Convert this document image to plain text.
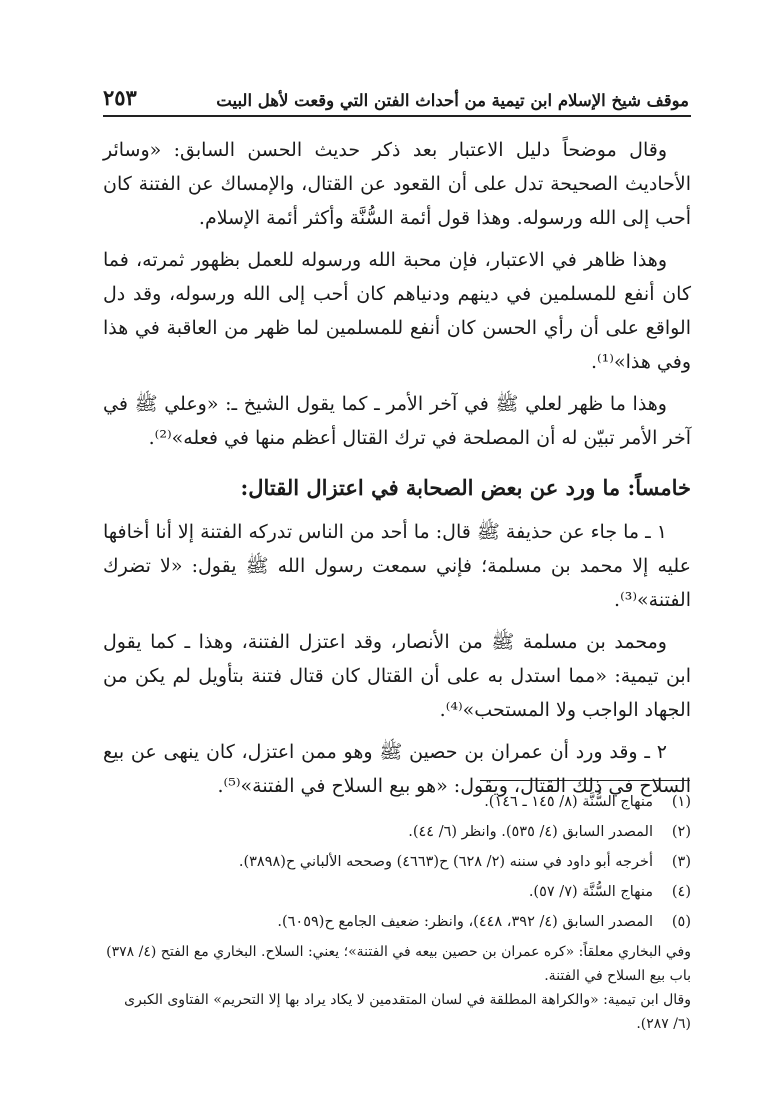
موقف شيخ الإسلام ابن تيمية من أحداث الفتن التي وقعت لأهل البيت
٢٥٣

وقال موضحاً دليل الاعتبار بعد ذكر حديث الحسن السابق: «وسائر الأحاديث الصحيحة تدل على أن القعود عن القتال، والإمساك عن الفتنة كان أحب إلى الله ورسوله. وهذا قول أئمة السُّنَّة وأكثر أئمة الإسلام.

وهذا ظاهر في الاعتبار، فإن محبة الله ورسوله للعمل بظهور ثمرته، فما كان أنفع للمسلمين في دينهم ودنياهم كان أحب إلى الله ورسوله، وقد دل الواقع على أن رأي الحسن كان أنفع للمسلمين لما ظهر من العاقبة في هذا وفي هذا»⁽¹⁾.

وهذا ما ظهر لعلي ﷺ في آخر الأمر ـ كما يقول الشيخ ـ: «وعلي ﷺ في آخر الأمر تبيّن له أن المصلحة في ترك القتال أعظم منها في فعله»⁽²⁾.

خامساً: ما ورد عن بعض الصحابة في اعتزال القتال:

١ ـ ما جاء عن حذيفة ﷺ قال: ما أحد من الناس تدركه الفتنة إلا أنا أخافها عليه إلا محمد بن مسلمة؛ فإني سمعت رسول الله ﷺ يقول: «لا تضرك الفتنة»⁽³⁾.

ومحمد بن مسلمة ﷺ من الأنصار، وقد اعتزل الفتنة، وهذا ـ كما يقول ابن تيمية: «مما استدل به على أن القتال كان قتال فتنة بتأويل لم يكن من الجهاد الواجب ولا المستحب»⁽⁴⁾.

٢ ـ وقد ورد أن عمران بن حصين ﷺ وهو ممن اعتزل، كان ينهى عن بيع السلاح في ذلك القتال، ويقول: «هو بيع السلاح في الفتنة»⁽⁵⁾.

(١)
منهاج السُّنَّة (٨/ ١٤٥ ـ ١٤٦).
(٢)
المصدر السابق (٤/ ٥٣٥). وانظر (٦/ ٤٤).
(٣)
أخرجه أبو داود في سننه (٢/ ٦٢٨) ح(٤٦٦٣) وصححه الألباني ح(٣٨٩٨).
(٤)
منهاج السُّنَّة (٧/ ٥٧).
(٥)
المصدر السابق (٤/ ٣٩٢، ٤٤٨)، وانظر: ضعيف الجامع ح(٦٠٥٩).

وفي البخاري معلقاً: «كره عمران بن حصين بيعه في الفتنة»؛ يعني: السلاح. البخاري مع الفتح (٤/ ٣٧٨) باب بيع السلاح في الفتنة.

وقال ابن تيمية: «والكراهة المطلقة في لسان المتقدمين لا يكاد يراد بها إلا التحريم» الفتاوى الكبرى (٦/ ٢٨٧).
